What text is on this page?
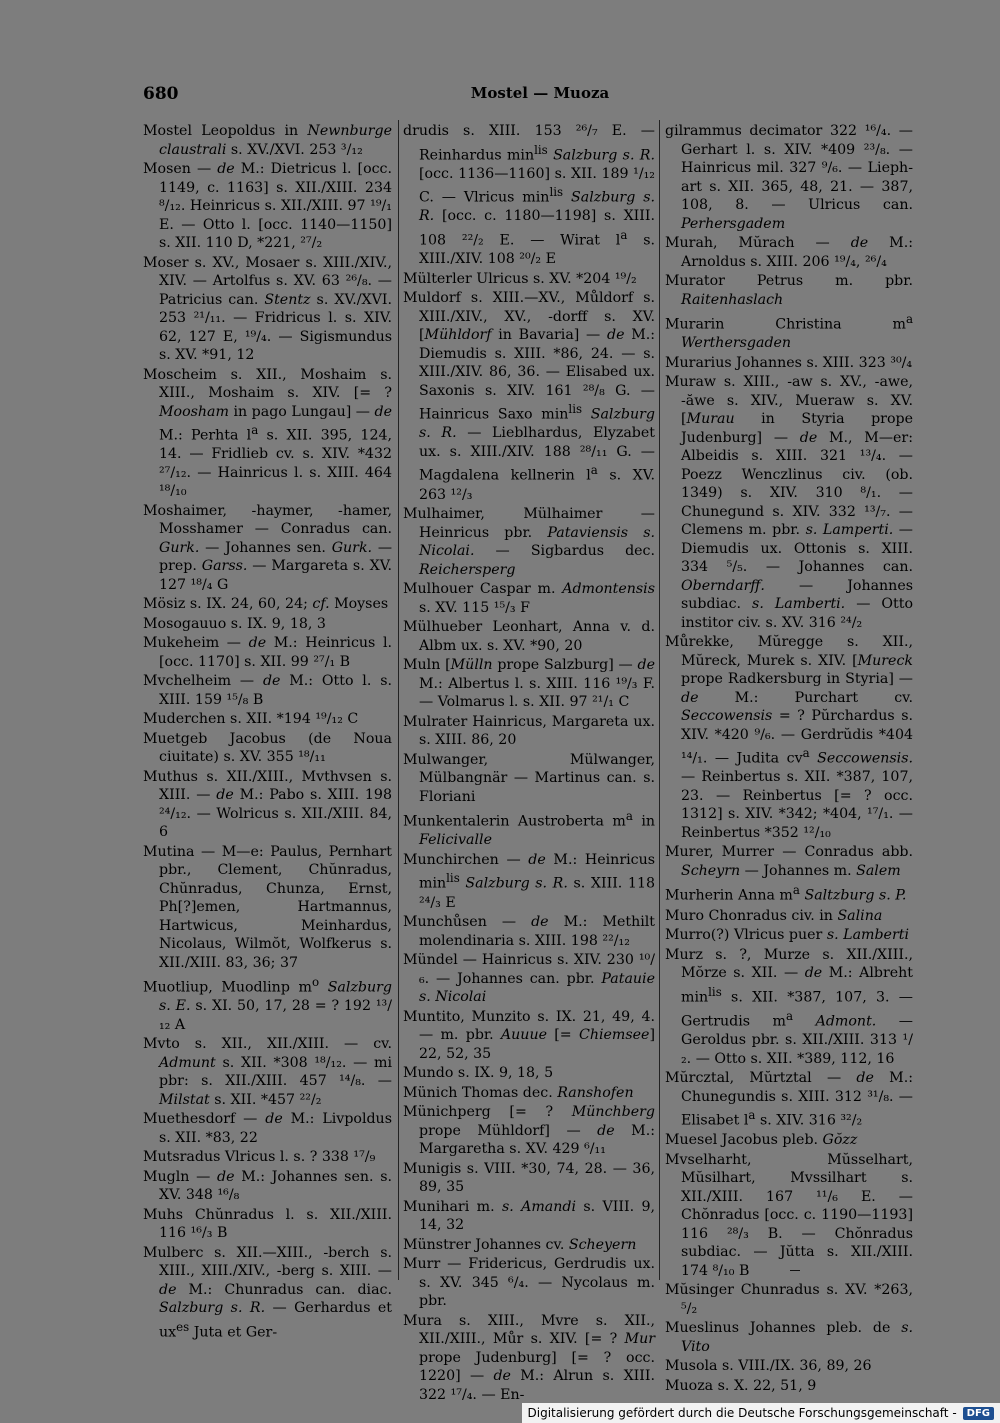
680	Mostel — Muoza

Mostel Leopoldus in Newnburge claustrali s. XV./XVI. 253 ³/₁₂

Mosen — de M.: Dietricus l. [occ. 1149, c. 1163] s. XII./XIII. 234 ⁸/₁₂. Heinricus s. XII./XIII. 97 ¹⁹/₁ E. — Otto l. [occ. 1140—1150] s. XII. 110 D, *221, ²⁷/₂

Moser s. XV., Mosaer s. XIII./XIV., XIV. — Artolfus s. XV. 63 ²⁶/₈. — Patricius can. Stentz s. XV./XVI. 253 ²¹/₁₁. — Fridricus l. s. XIV. 62, 127 E, ¹⁹/₄. — Sigismundus s. XV. *91, 12

Moscheim s. XII., Moshaim s. XIII., Moshaim s. XIV. [= ? Moosham in pago Lungau] — de M.: Perhta $l^a$ s. XII. 395, 124, 14. — Fridlieb cv. s. XIV. *432 ²⁷/₁₂. — Hainricus l. s. XIII. 464 ¹⁸/₁₀

Moshaimer, -haymer, -hamer, Mosshamer — Conradus can. Gurk. — Johannes sen. Gurk. — prep. Garss. — Margareta s. XV. 127 ¹⁸/₄ G

Mösiz s. IX. 24, 60, 24; cf. Moyses

Mosogauuo s. IX. 9, 18, 3

Mukeheim — de M.: Heinricus l. [occ. 1170] s. XII. 99 ²⁷/₁ B

Mvchelheim — de M.: Otto l. s. XIII. 159 ¹⁵/₈ B

Muderchen s. XII. *194 ¹⁹/₁₂ C

Muetgeb Jacobus (de Noua ciuitate) s. XV. 355 ¹⁸/₁₁

Muthus s. XII./XIII., Mvthvsen s. XIII. — de M.: Pabo s. XIII. 198 ²⁴/₁₂. — Wolricus s. XII./XIII. 84, 6

Mutina — M—e: Paulus, Pernhart pbr., Clement, Chŭnradus, Chŭnradus, Chunza, Ernst, Ph[?]emen, Hartmannus, Hartwicus, Meinhardus, Nicolaus, Wilmŏt, Wolfkerus s. XII./XIII. 83, 36; 37

Muotliup, Muodlinp $m^o$ Salzburg s. E. s. XI. 50, 17, 28 = ? 192 ¹³/₁₂ A

Mvto s. XII., XII./XIII. — cv. Admunt s. XII. *308 ¹⁸/₁₂. — mi pbr: s. XII./XIII. 457 ¹⁴/₈. — Milstat s. XII. *457 ²²/₂

Muethesdorf — de M.: Livpoldus s. XII. *83, 22

Mutsradus Vlricus l. s. ? 338 ¹⁷/₉

Mugln — de M.: Johannes sen. s. XV. 348 ¹⁶/₈

Muhs Chŭnradus l. s. XII./XIII. 116 ¹⁶/₃ B

Mulberc s. XII.—XIII., -berch s. XIII., XIII./XIV., -berg s. XIII. — de M.: Chunradus can. diac. Salzburg s. R. — Gerhardus et $ux^{es}$ Juta et Ger-

drudis s. XIII. 153 ²⁶/₇ E. — Reinhardus $\min^{lis}$ Salzburg s. R. [occ. 1136—1160] s. XII. 189 ¹/₁₂ C. — Vlricus $\min^{lis}$ Salzburg s. R. [occ. c. 1180—1198] s. XIII. 108 ²²/₂ E. — Wirat $l^a$ s. XIII./XIV. 108 ²⁰/₂ E

Mülterler Ulricus s. XV. *204 ¹⁹/₂

Muldorf s. XIII.—XV., Můldorf s. XIII./XIV., XV., -dorff s. XV. [Mühldorf in Bavaria] — de M.: Diemudis s. XIII. *86, 24. — s. XIII./XIV. 86, 36. — Elisabed ux. Saxonis s. XIV. 161 ²⁸/₈ G. — Hainricus Saxo $\min^{lis}$ Salzburg s. R. — Lieblhardus, Elyzabet ux. s. XIII./XIV. 188 ²⁸/₁₁ G. — Magdalena kellnerin $l^a$ s. XV. 263 ¹²/₃

Mulhaimer, Mülhaimer — Heinricus pbr. Pataviensis s. Nicolai. — Sigbardus dec. Reichersperg

Mulhouer Caspar m. Admontensis s. XV. 115 ¹⁵/₃ F

Mülhueber Leonhart, Anna v. d. Albm ux. s. XV. *90, 20

Muln [Mülln prope Salzburg] — de M.: Albertus l. s. XIII. 116 ¹⁹/₃ F. — Volmarus l. s. XII. 97 ²¹/₁ C

Mulrater Hainricus, Margareta ux. s. XIII. 86, 20

Mulwanger, Mülwanger, Mülbangnär — Martinus can. s. Floriani

Munkentalerin Austroberta $m^a$ in Felicivalle

Munchirchen — de M.: Heinricus $\min^{lis}$ Salzburg s. R. s. XIII. 118 ²⁴/₃ E

Munchůsen — de M.: Methilt molendinaria s. XIII. 198 ²²/₁₂

Mündel — Hainricus s. XIV. 230 ¹⁰/₆. — Johannes can. pbr. Patauie s. Nicolai

Muntito, Munzito s. IX. 21, 49, 4. — m. pbr. Auuue [= Chiemsee] 22, 52, 35

Mundo s. IX. 9, 18, 5

Münich Thomas dec. Ranshofen

Münichperg [= ? Münchberg prope Mühldorf] — de M.: Margaretha s. XV. 429 ⁶/₁₁

Munigis s. VIII. *30, 74, 28. — 36, 89, 35

Munihari m. s. Amandi s. VIII. 9, 14, 32

Münstrer Johannes cv. Scheyern

Murr — Fridericus, Gerdrudis ux. s. XV. 345 ⁶/₄. — Nycolaus m. pbr.

Mura s. XIII., Mvre s. XII., XII./XIII., Můr s. XIV. [= ? Mur prope Judenburg] [= ? occ. 1220] — de M.: Alrun s. XIII. 322 ¹⁷/₄. — En-

gilrammus decimator 322 ¹⁶/₄. — Gerhart l. s. XIV. *409 ²³/₈. — Hainricus mil. 327 ⁹/₆. — Liephart s. XII. 365, 48, 21. — 387, 108, 8. — Ulricus can. Perhersgadem

Murah, Mŭrach — de M.: Arnoldus s. XIII. 206 ¹⁹/₄, ²⁶/₄

Murator Petrus m. pbr. Raitenhaslach

Murarin Christina $m^a$ Werthersgaden

Murarius Johannes s. XIII. 323 ³⁰/₄

Muraw s. XIII., -aw s. XV., -awe, -ăwe s. XIV., Mueraw s. XV. [Murau in Styria prope Judenburg] — de M., M—er: Albeidis s. XIII. 321 ¹³/₄. — Poezz Wenczlinus civ. (ob. 1349) s. XIV. 310 ⁸/₁. — Chunegund s. XIV. 332 ¹³/₇. — Clemens m. pbr. s. Lamperti. — Diemudis ux. Ottonis s. XIII. 334 ⁵/₅. — Johannes can. Oberndarff. — Johannes subdiac. s. Lamberti. — Otto institor civ. s. XV. 316 ²⁴/₂

Můrekke, Mŭregge s. XII., Mŭreck, Murek s. XIV. [Mureck prope Radkersburg in Styria] — de M.: Purchart cv. Seccowensis = ? Pŭrchardus s. XIV. *420 ⁹/₆. — Gerdrŭdis *404 ¹⁴/₁. — Judita $cv^a$ Seccowensis. — Reinbertus s. XII. *387, 107, 23. — Reinbertus [= ? occ. 1312] s. XIV. *342; *404, ¹⁷/₁. — Reinbertus *352 ¹²/₁₀

Murer, Murrer — Conradus abb. Scheyrn — Johannes m. Salem

Murherin Anna $m^a$ Saltzburg s. P.

Muro Chonradus civ. in Salina

Murro(?) Vlricus puer s. Lamberti

Murz s. ?, Murze s. XII./XIII., Mŏrze s. XII. — de M.: Albreht $\min^{lis} s$. XII. *387, 107, 3. — Gertrudis $m^a$ Admont. — Geroldus pbr. s. XII./XIII. 313 ¹/₂. — Otto s. XII. *389, 112, 16

Mŭrcztal, Mŭrtztal — de M.: Chunegundis s. XIII. 312 ³¹/₈. — Elisabet $l^a$ s. XIV. 316 ³²/₂

Muesel Jacobus pleb. Gŏzz

Mvselharht, Mŭsselhart, Mŭsilhart, Mvssilhart s. XII./XIII. 167 ¹¹/₆ E. — Chŏnradus [occ. c. 1190—1193] 116 ²⁸/₃ B. — Chŏnradus subdiac. — Jŭtta s. XII./XIII. 174 ⁸/₁₀ B

Mŭsinger Chunradus s. XV. *263, ⁵/₂

Mueslinus Johannes pleb. de s. Vito

Musola s. VIII./IX. 36, 89, 26

Muoza s. X. 22, 51, 9

Digitalisierung gefördert durch die Deutsche Forschungsgemeinschaft -	DFG
